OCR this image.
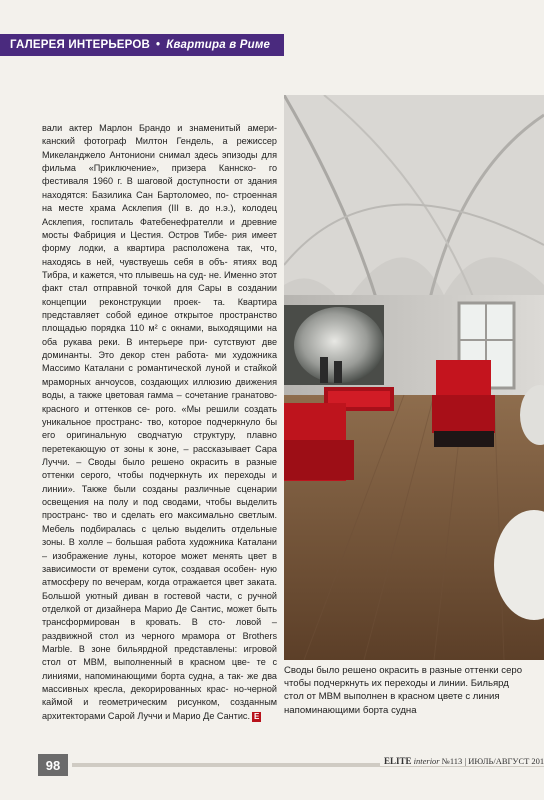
ГАЛЕРЕЯ ИНТЕРЬЕРОВ • Квартира в Риме

вали актер Марлон Брандо и знаменитый амери- канский фотограф Милтон Гендель, а режиссер Микеланджело Антониони снимал здесь эпизоды для фильма «Приключение», призера Каннско- го фестиваля 1960 г. В шаговой доступности от здания находятся: Базилика Сан Бартоломео, по- строенная на месте храма Асклепия (III в. до н.э.), колодец Асклепия, госпиталь Фатебенефрателли и древние мосты Фабриция и Цестия. Остров Тибе- рия имеет форму лодки, а квартира расположена так, что, находясь в ней, чувствуешь себя в объ- ятиях вод Тибра, и кажется, что плывешь на суд- не. Именно этот факт стал отправной точкой для Сары в создании концепции реконструкции проек- та. Квартира представляет собой единое открытое пространство площадью порядка 110 м² с окнами, выходящими на оба рукава реки. В интерьере при- сутствуют две доминанты. Это декор стен работа- ми художника Массимо Каталани с романтической луной и стайкой мраморных анчоусов, создающих иллюзию движения воды, а также цветовая гамма – сочетание гранатово-красного и оттенков се- рого. «Мы решили создать уникальное пространс- тво, которое подчеркнуло бы его оригинальную сводчатую структуру, плавно перетекающую от зоны к зоне, – рассказывает Сара Луччи. – Своды было решено окрасить в разные оттенки серого, чтобы подчеркнуть их переходы и линии». Также были созданы различные сценарии освещения на полу и под сводами, чтобы выделить пространс- тво и сделать его максимально светлым. Мебель подбиралась с целью выделить отдельные зоны. В холле – большая работа художника Каталани – изображение луны, которое может менять цвет в зависимости от времени суток, создавая особен- ную атмосферу по вечерам, когда отражается цвет заката. Большой уютный диван в гостевой части, с ручной отделкой от дизайнера Марио Де Сантис, может быть трансформирован в кровать. В сто- ловой – раздвижной стол из черного мрамора от Brothers Marble. В зоне бильярдной представлены: игровой стол от MBM, выполненный в красном цве- те с линиями, напоминающими борта судна, а так- же два массивных кресла, декорированных крас- но-черной каймой и геометрическим рисунком, созданным архитекторами Сарой Луччи и Марио Де Сантис. E

Своды было решено окрасить в разные оттенки серо

чтобы подчеркнуть их переходы и линии. Бильярд

стол от MBM выполнен в красном цвете с линия

напоминающими борта судна

98	ELITE interior №113 | ИЮЛЬ/АВГУСТ 201
